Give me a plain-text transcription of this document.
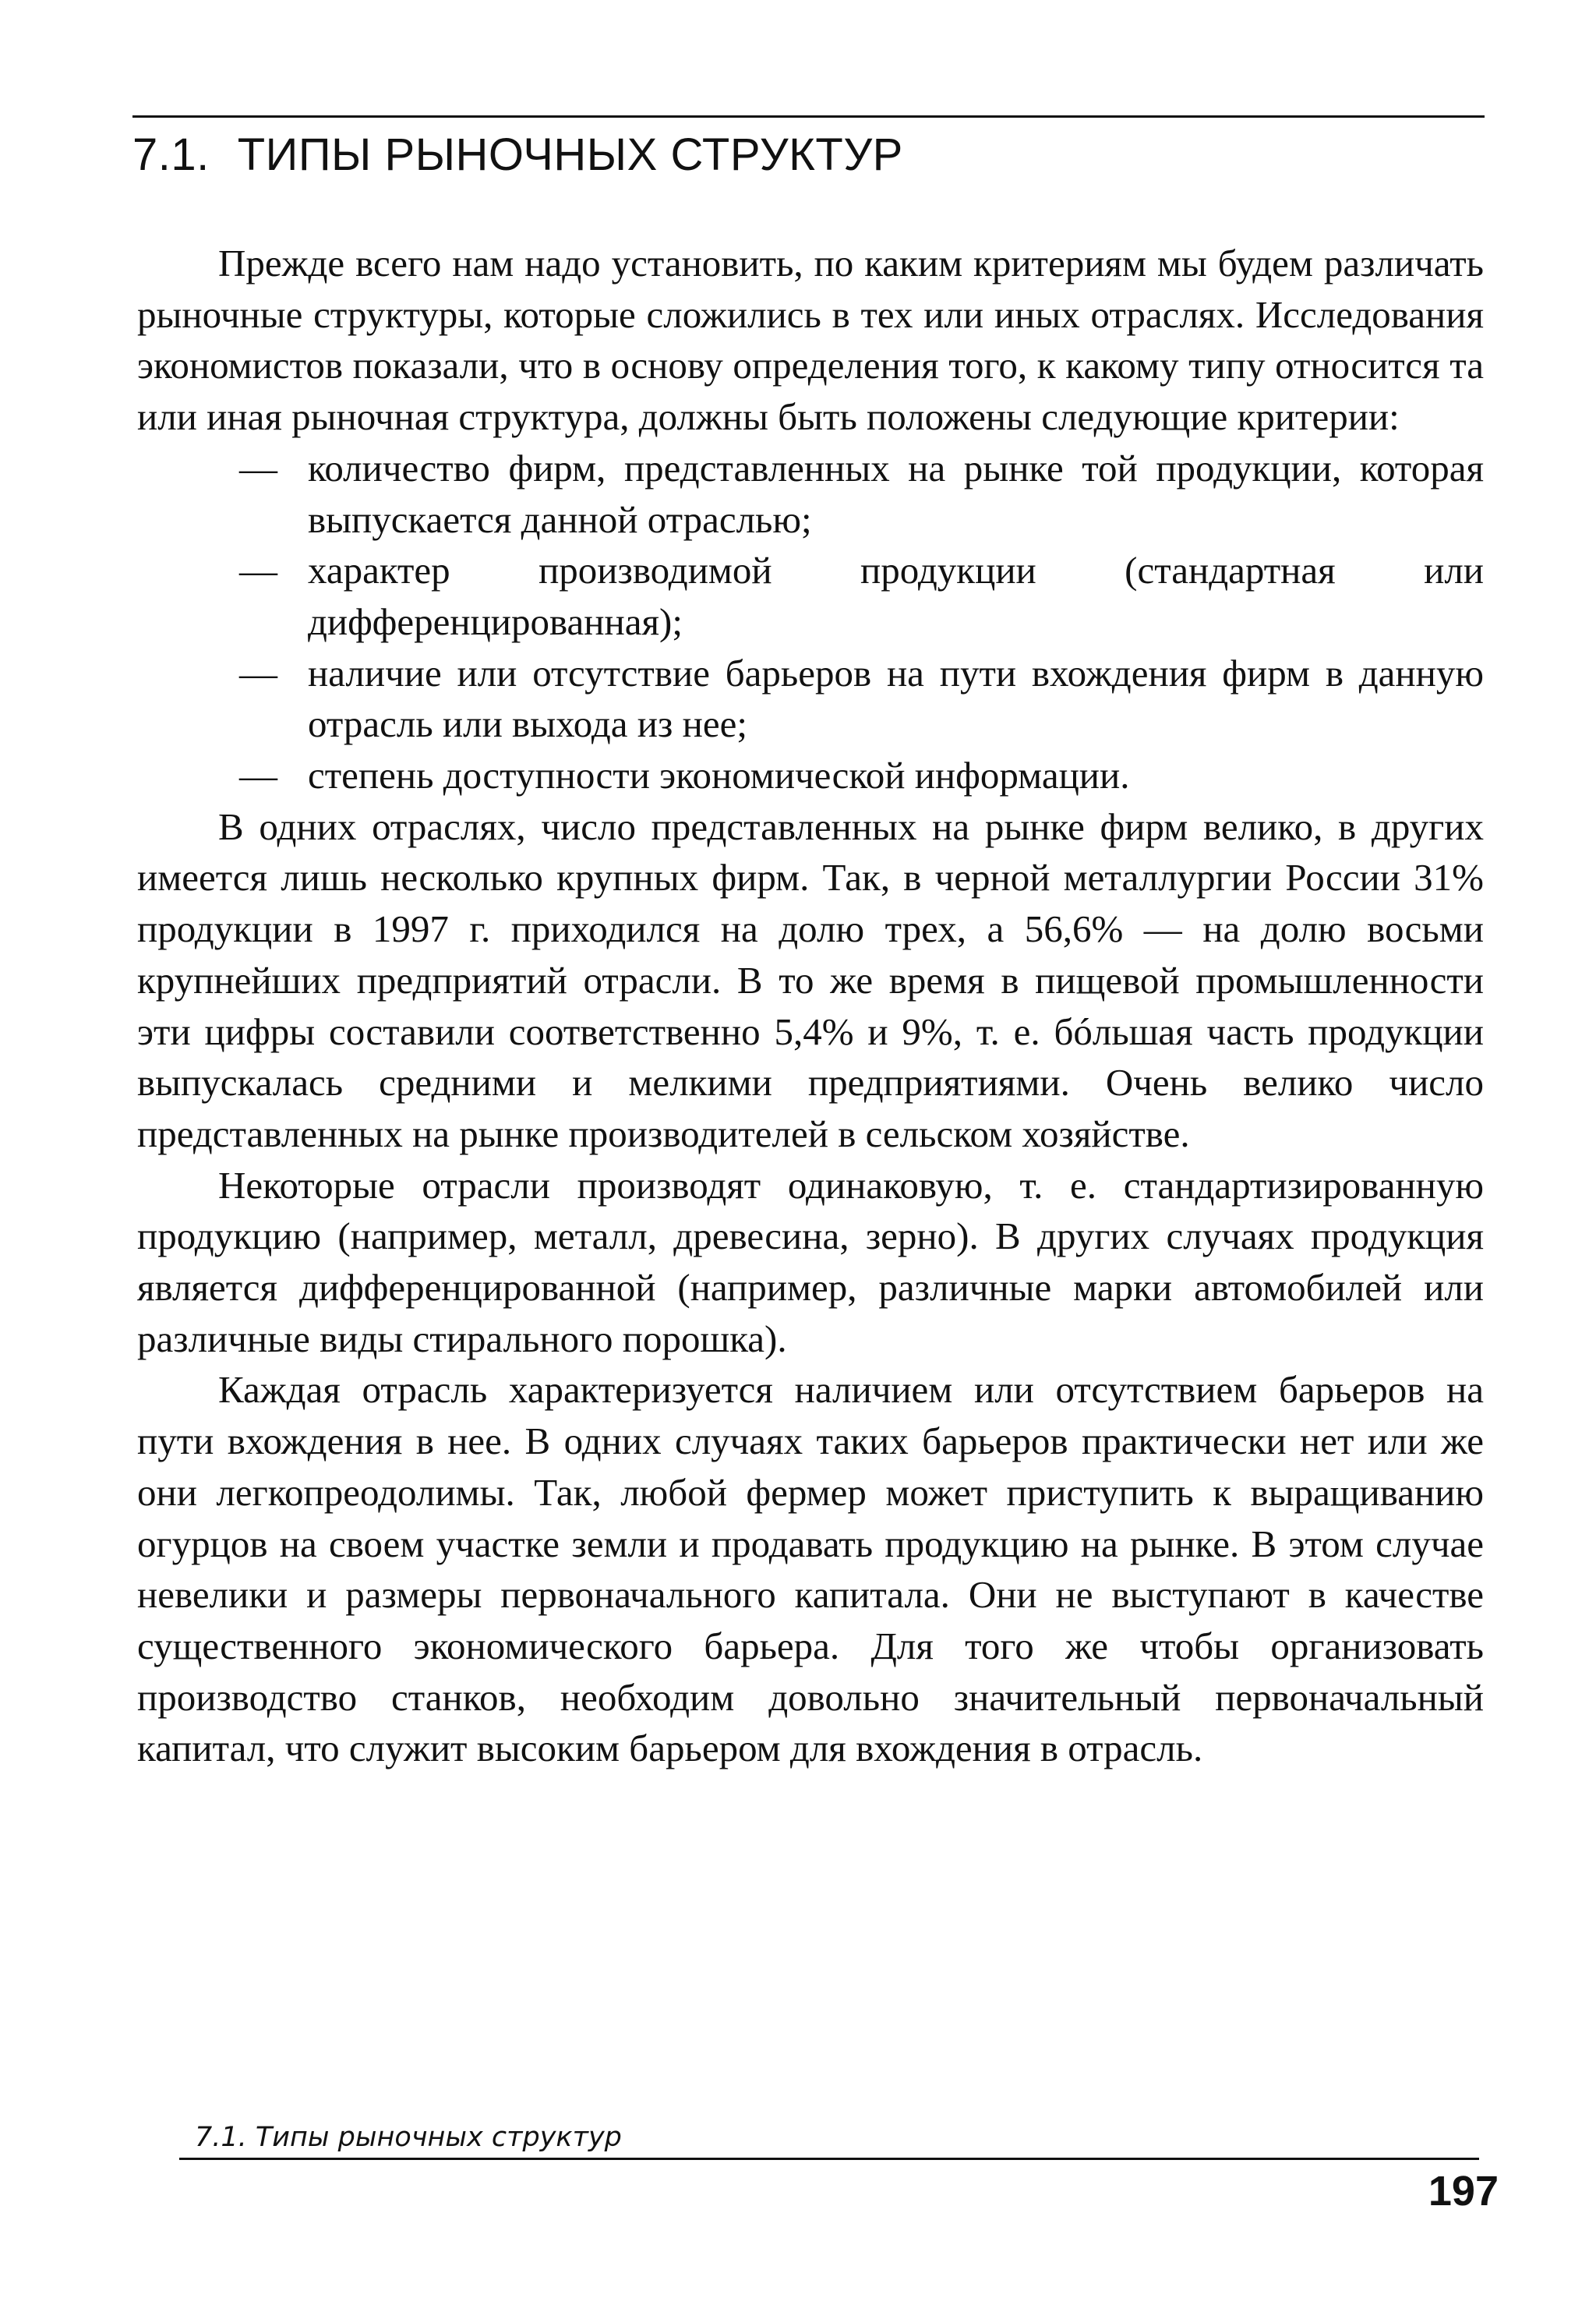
7.1. ТИПЫ РЫНОЧНЫХ СТРУКТУР

Прежде всего нам надо установить, по каким критериям мы будем различать рыночные структуры, которые сложились в тех или иных отраслях. Исследования экономистов показали, что в основу определения того, к какому типу относится та или иная рыночная структура, должны быть положены следующие критерии:

— количество фирм, представленных на рынке той продукции, которая выпускается данной отраслью;
— характер производимой продукции (стандартная или дифференцированная);
— наличие или отсутствие барьеров на пути вхождения фирм в данную отрасль или выхода из нее;
— степень доступности экономической информации.

В одних отраслях, число представленных на рынке фирм велико, в других имеется лишь несколько крупных фирм. Так, в черной металлургии России 31% продукции в 1997 г. приходился на долю трех, а 56,6% — на долю восьми крупнейших предприятий отрасли. В то же время в пищевой промышленности эти цифры составили соответственно 5,4% и 9%, т. е. бóльшая часть продукции выпускалась средними и мелкими предприятиями. Очень велико число представленных на рынке производителей в сельском хозяйстве.

Некоторые отрасли производят одинаковую, т. е. стандартизированную продукцию (например, металл, древесина, зерно). В других случаях продукция является дифференцированной (например, различные марки автомобилей или различные виды стирального порошка).

Каждая отрасль характеризуется наличием или отсутствием барьеров на пути вхождения в нее. В одних случаях таких барьеров практически нет или же они легкопреодолимы. Так, любой фермер может приступить к выращиванию огурцов на своем участке земли и продавать продукцию на рынке. В этом случае невелики и размеры первоначального капитала. Они не выступают в качестве существенного экономического барьера. Для того же чтобы организовать производство станков, необходим довольно значительный первоначальный капитал, что служит высоким барьером для вхождения в отрасль.

7.1. Типы рыночных структур
197
